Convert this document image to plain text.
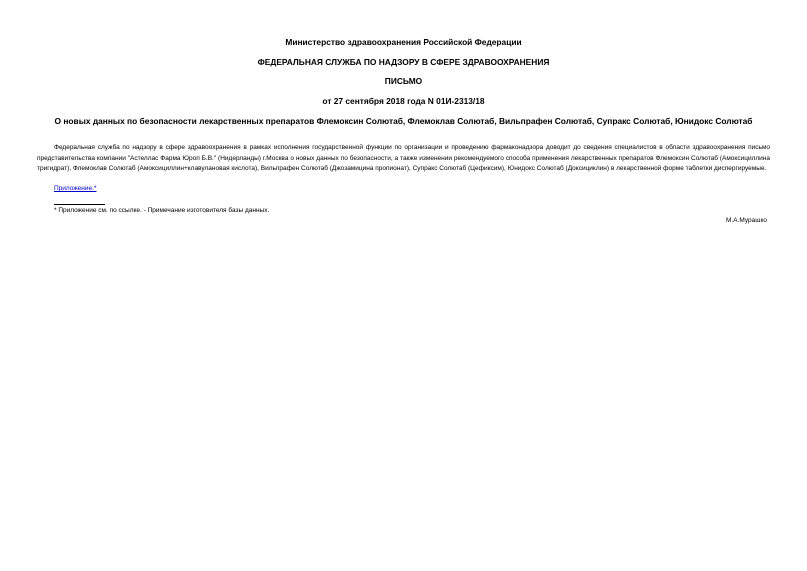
Министерство здравоохранения Российской Федерации
ФЕДЕРАЛЬНАЯ СЛУЖБА ПО НАДЗОРУ В СФЕРЕ ЗДРАВООХРАНЕНИЯ
ПИСЬМО
от 27 сентября 2018 года N 01И-2313/18
О новых данных по безопасности лекарственных препаратов Флемоксин Солютаб, Флемоклав Солютаб, Вильпрафен Солютаб, Супракс Солютаб, Юнидокс Солютаб
Федеральная служба по надзору в сфере здравоохранения в рамках исполнения государственной функции по организации и проведению фармаконадзора доводит до сведения специалистов в области здравоохранения письмо представительства компании "Астеллас Фарма Юроп Б.В." (Нидерланды) г.Москва о новых данных по безопасности, а также изменении рекомендуемого способа применения лекарственных препаратов Флемоксин Солютаб (Амоксициллина тригидрат), Флемоклав Солютаб (Амоксициллин+клавулановая кислота), Вильпрафен Солютаб (Джозамицина пропионат), Супракс Солютаб (Цефиксим), Юнидокс Солютаб (Доксициклин) в лекарственной форме таблетки диспергируемые.
Приложение.*
* Приложение см. по ссылке. - Примечание изготовителя базы данных.
М.А.Мурашко
